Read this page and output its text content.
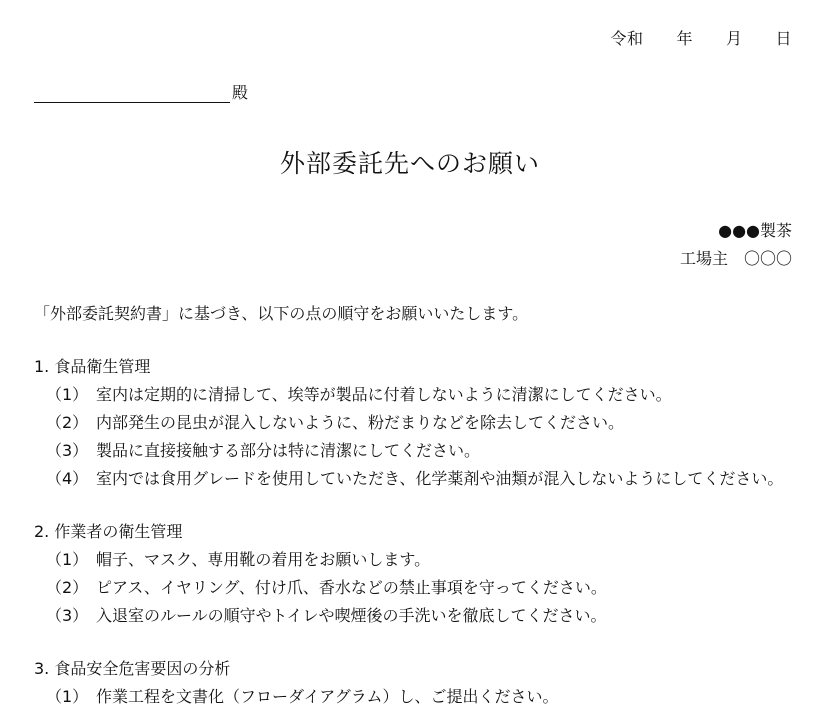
令和　　年　　月　　日
殿
外部委託先へのお願い
●●●製茶
工場主　〇〇〇
「外部委託契約書」に基づき、以下の点の順守をお願いいたします。
1. 食品衛生管理
（1） 室内は定期的に清掃して、埃等が製品に付着しないように清潔にしてください。
（2） 内部発生の昆虫が混入しないように、粉だまりなどを除去してください。
（3） 製品に直接接触する部分は特に清潔にしてください。
（4） 室内では食用グレードを使用していただき、化学薬剤や油類が混入しないようにしてください。
2. 作業者の衛生管理
（1） 帽子、マスク、専用靴の着用をお願いします。
（2） ピアス、イヤリング、付け爪、香水などの禁止事項を守ってください。
（3） 入退室のルールの順守やトイレや喫煙後の手洗いを徹底してください。
3. 食品安全危害要因の分析
（1） 作業工程を文書化（フローダイアグラム）し、ご提出ください。
